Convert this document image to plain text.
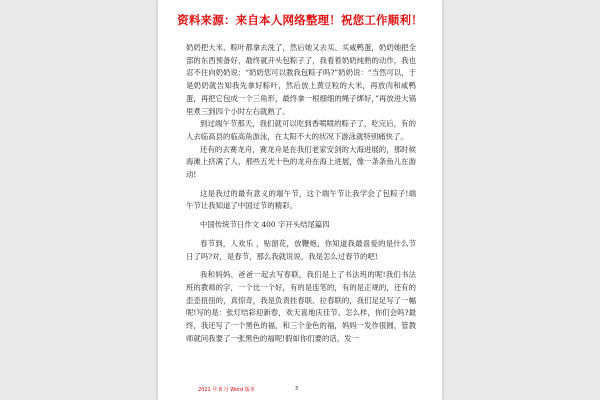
资料来源：来自本人网络整理！祝您工作顺利！

奶奶把大米、粽叶都拿去洗了，然后她又去买、买咸鸭蛋，奶奶她把全部的东西预备好，最终就开头包粽子了，我看着奶奶纯熟的动作，我也忍不住向奶奶说：“奶奶您可以教我包粽子吗?”奶奶说：“当然可以，于是奶奶就告知我先拿好粽叶，然后放上黄豆粒的大米，再放肉和咸鸭蛋，再把它包成一个三角形，最终拿一根细细的绳子绑好，”再放进大锅里煮三到四个小时左右就熟了。

到过端午节那天，我们就可以吃到香喷喷的粽子了，吃完后，有的人去临高县的临高角游泳，在太阳不大的状况下游泳就特别痛快了。

还有的去赛龙舟，赛龙舟是在我们老家安剑的大海进展的，那时候海滩上挤满了人，那些五光十色的龙舟在海上进展，像一条条鱼儿在游动!

这是我过的最有意义的端午节，这个端午节让我学会了包粽子!端午节让我知道了中国过节的精彩。

中国传统节日作文 400 字开头结尾篇四

春节到，人欢乐 ，贴窗花，放鞭炮，你知道我最喜爱的是什么节日了吗?对，是春节，那么我就说说，我是怎么过春节的吧!

我和妈妈、爸爸一起去写春联，我们是上了书法班的呢!我们书法班的教师的字，一个比一个好，有的是连笔的，有的是正规的，还有的歪歪扭扭的，真惊奇，我是负责挂春联、拉春联的，我们足足写了一幅呢!写的是：张灯结彩迎新春，欢天喜地庆佳节。怎么样，你们会吗?最终，我还写了一个黑色的福，和三个金色的福，妈妈一发作很圆，管教师就问我要了一张黑色的福呢!假如你们要的话，发一

2021 年 8 月 Word 版本	3
